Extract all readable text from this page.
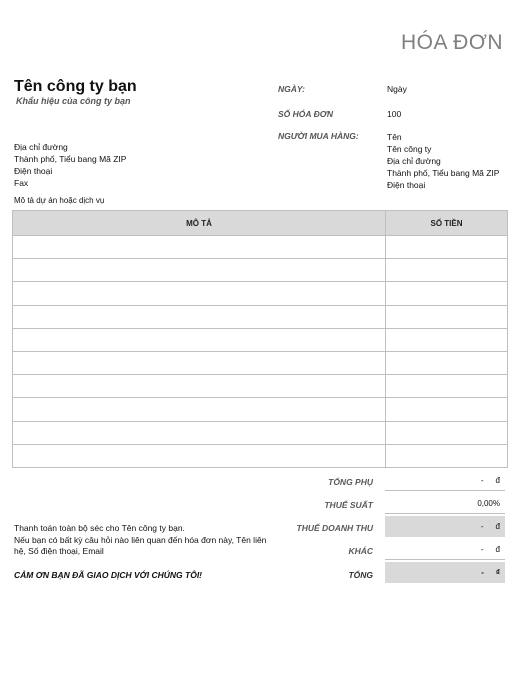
HÓA ĐƠN
Tên công ty bạn
Khẩu hiệu của công ty bạn
NGÀY:	Ngày
SỐ HÓA ĐƠN	100
NGƯỜI MUA HÀNG:	Tên
Tên công ty
Địa chỉ đường
Thành phố, Tiểu bang Mã ZIP
Điện thoại
Địa chỉ đường
Thành phố, Tiểu bang Mã ZIP
Điện thoại
Fax
Mô tả dự án hoặc dịch vụ
MÔ TẢ	SỐ TIỀN

TỔNG PHỤ	- đ
THUẾ SUẤT	0,00%
THUẾ DOANH THU	- đ
KHÁC	- đ
TỔNG	- ₫
Thanh toán toàn bộ séc cho Tên công ty bạn.
Nếu bạn có bất kỳ câu hỏi nào liên quan đến hóa đơn này, Tên liên hệ, Số điện thoại, Email
CẢM ƠN BẠN ĐÃ GIAO DỊCH VỚI CHÚNG TÔI!
